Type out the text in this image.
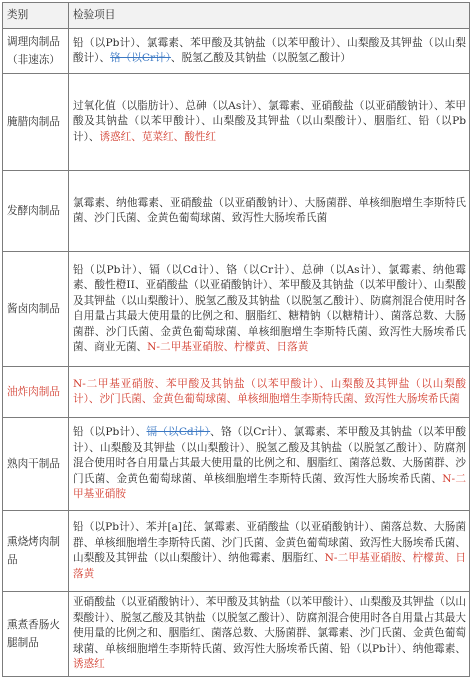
类别	检验项目
调理肉制品（非速冻）	铅（以Pb计）、氯霉素、苯甲酸及其钠盐（以苯甲酸计）、山梨酸及其钾盐（以山梨酸计）、铬（以Cr计）、脱氢乙酸及其钠盐（以脱氢乙酸计）
腌腊肉制品	过氧化值（以脂肪计）、总砷（以As计）、氯霉素、亚硝酸盐（以亚硝酸钠计）、苯甲酸及其钠盐（以苯甲酸计）、山梨酸及其钾盐（以山梨酸计）、胭脂红、铅（以Pb计）、诱惑红、苋菜红、酸性红
发酵肉制品	氯霉素、纳他霉素、亚硝酸盐（以亚硝酸钠计）、大肠菌群、单核细胞增生李斯特氏菌、沙门氏菌、金黄色葡萄球菌、致泻性大肠埃希氏菌
酱卤肉制品	铅（以Pb计）、镉（以Cd计）、铬（以Cr计）、总砷（以As计）、氯霉素、纳他霉素、酸性橙II、亚硝酸盐（以亚硝酸钠计）、苯甲酸及其钠盐（以苯甲酸计）、山梨酸及其钾盐（以山梨酸计）、脱氢乙酸及其钠盐（以脱氢乙酸计）、防腐剂混合使用时各自用量占其最大使用量的比例之和、胭脂红、糖精钠（以糖精计）、菌落总数、大肠菌群、沙门氏菌、金黄色葡萄球菌、单核细胞增生李斯特氏菌、致泻性大肠埃希氏菌、商业无菌、N-二甲基亚硝胺、柠檬黄、日落黄
油炸肉制品	N-二甲基亚硝胺、苯甲酸及其钠盐（以苯甲酸计）、山梨酸及其钾盐（以山梨酸计）、沙门氏菌、金黄色葡萄球菌、单核细胞增生李斯特氏菌、致泻性大肠埃希氏菌
熟肉干制品	铅（以Pb计）、镉（以Cd计）、铬（以Cr计）、氯霉素、苯甲酸及其钠盐（以苯甲酸计）、山梨酸及其钾盐（以山梨酸计）、脱氢乙酸及其钠盐（以脱氢乙酸计）、防腐剂混合使用时各自用量占其最大使用量的比例之和、胭脂红、菌落总数、大肠菌群、沙门氏菌、金黄色葡萄球菌、单核细胞增生李斯特氏菌、致泻性大肠埃希氏菌、N-二甲基亚硝胺
熏烧烤肉制品	铅（以Pb计）、苯并[a]芘、氯霉素、亚硝酸盐（以亚硝酸钠计）、菌落总数、大肠菌群、单核细胞增生李斯特氏菌、沙门氏菌、金黄色葡萄球菌、致泻性大肠埃希氏菌、山梨酸及其钾盐（以山梨酸计）、纳他霉素、胭脂红、N-二甲基亚硝胺、柠檬黄、日落黄
熏煮香肠火腿制品	亚硝酸盐（以亚硝酸钠计）、苯甲酸及其钠盐（以苯甲酸计）、山梨酸及其钾盐（以山梨酸计）、脱氢乙酸及其钠盐（以脱氢乙酸计）、防腐剂混合使用时各自用量占其最大使用量的比例之和、胭脂红、菌落总数、大肠菌群、氯霉素、沙门氏菌、金黄色葡萄球菌、单核细胞增生李斯特氏菌、致泻性大肠埃希氏菌、铅（以Pb计）、纳他霉素、诱惑红
